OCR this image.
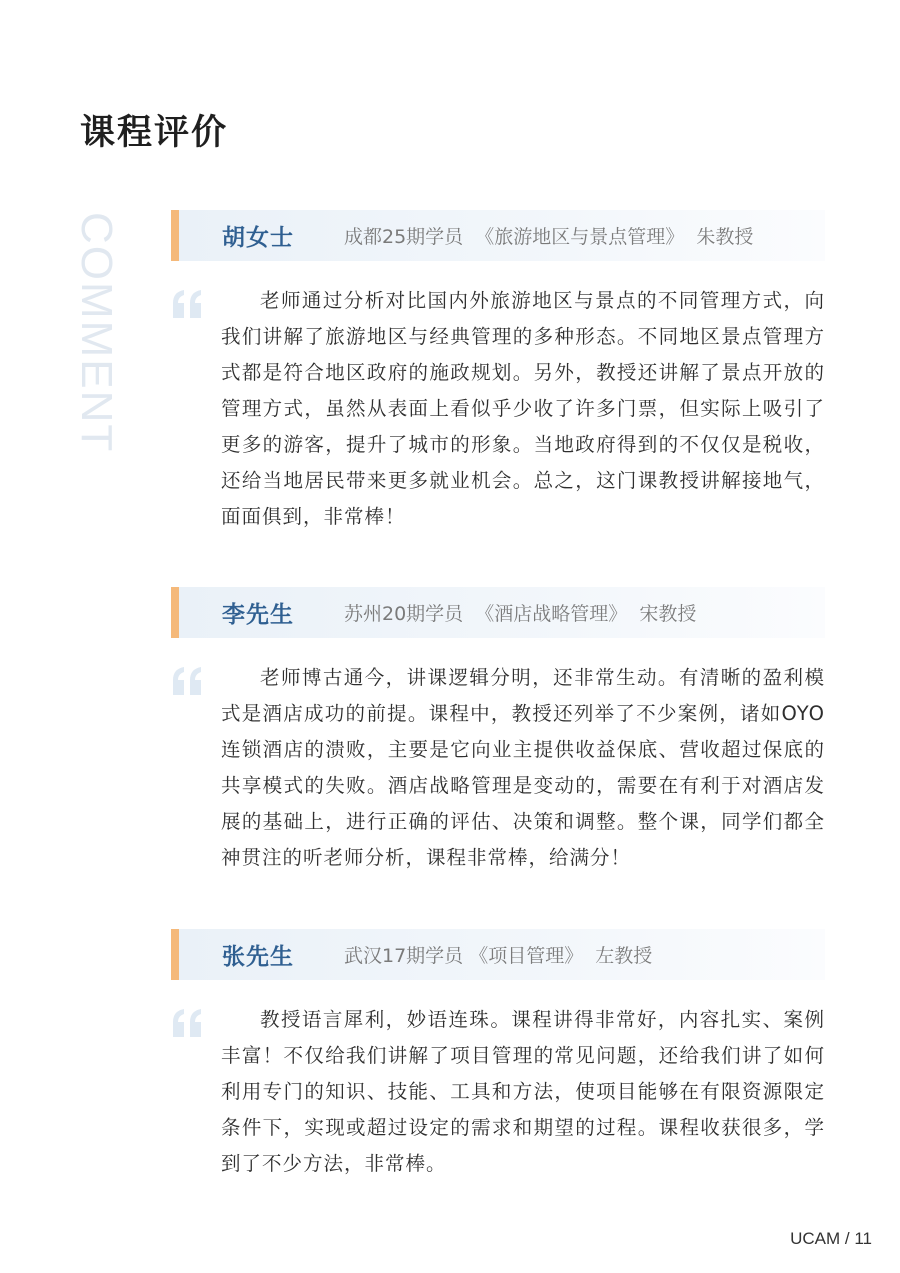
课程评价
COMMENT	胡女士	成都25期学员  《旅游地区与景点管理》  朱教授

老师通过分析对比国内外旅游地区与景点的不同管理方式，向我们讲解了旅游地区与经典管理的多种形态。不同地区景点管理方式都是符合地区政府的施政规划。另外，教授还讲解了景点开放的管理方式，虽然从表面上看似乎少收了许多门票，但实际上吸引了更多的游客，提升了城市的形象。当地政府得到的不仅仅是税收，还给当地居民带来更多就业机会。总之，这门课教授讲解接地气，面面俱到，非常棒！

李先生	苏州20期学员  《酒店战略管理》  宋教授

老师博古通今，讲课逻辑分明，还非常生动。有清晰的盈利模式是酒店成功的前提。课程中，教授还列举了不少案例，诸如OYO连锁酒店的溃败，主要是它向业主提供收益保底、营收超过保底的共享模式的失败。酒店战略管理是变动的，需要在有利于对酒店发展的基础上，进行正确的评估、决策和调整。整个课，同学们都全神贯注的听老师分析，课程非常棒，给满分！

张先生	武汉17期学员 《项目管理》  左教授

教授语言犀利，妙语连珠。课程讲得非常好，内容扎实、案例丰富！不仅给我们讲解了项目管理的常见问题，还给我们讲了如何利用专门的知识、技能、工具和方法，使项目能够在有限资源限定条件下，实现或超过设定的需求和期望的过程。课程收获很多，学到了不少方法，非常棒。

UCAM / 11
